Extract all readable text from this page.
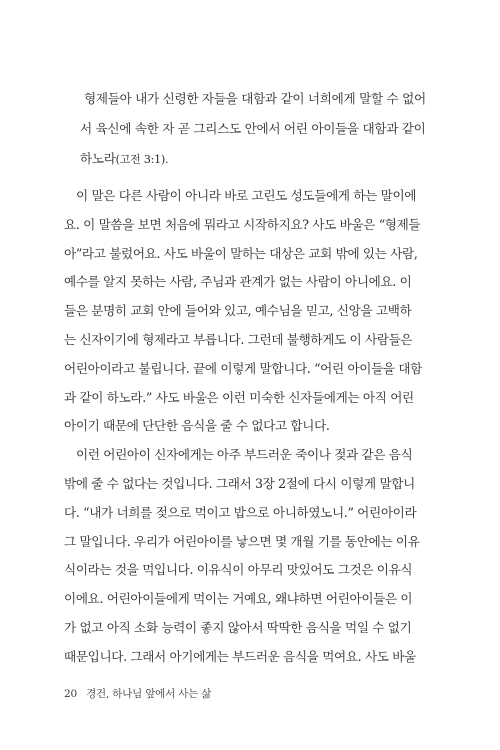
형제들아 내가 신령한 자들을 대함과 같이 너희에게 말할 수 없어
서 육신에 속한 자 곧 그리스도 안에서 어린 아이들을 대함과 같이
하노라(고전 3:1).
이 말은 다른 사람이 아니라 바로 고린도 성도들에게 하는 말이에
요. 이 말씀을 보면 처음에 뭐라고 시작하지요? 사도 바울은 “형제들
아”라고 불렀어요. 사도 바울이 말하는 대상은 교회 밖에 있는 사람,
예수를 알지 못하는 사람, 주님과 관계가 없는 사람이 아니에요. 이
들은 분명히 교회 안에 들어와 있고, 예수님을 믿고, 신앙을 고백하
는 신자이기에 형제라고 부릅니다. 그런데 불행하게도 이 사람들은
어린아이라고 불립니다. 끝에 이렇게 말합니다. “어린 아이들을 대함
과 같이 하노라.” 사도 바울은 이런 미숙한 신자들에게는 아직 어린
아이기 때문에 단단한 음식을 줄 수 없다고 합니다.
이런 어린아이 신자에게는 아주 부드러운 죽이나 젖과 같은 음식
밖에 줄 수 없다는 것입니다. 그래서 3장 2절에 다시 이렇게 말합니
다. “내가 너희를 젖으로 먹이고 밥으로 아니하였노니.” 어린아이라
그 말입니다. 우리가 어린아이를 낳으면 몇 개월 기를 동안에는 이유
식이라는 것을 먹입니다. 이유식이 아무리 맛있어도 그것은 이유식
이에요. 어린아이들에게 먹이는 거예요, 왜냐하면 어린아이들은 이
가 없고 아직 소화 능력이 좋지 않아서 딱딱한 음식을 먹일 수 없기
때문입니다. 그래서 아기에게는 부드러운 음식을 먹여요. 사도 바울
20 경건, 하나님 앞에서 사는 삶
